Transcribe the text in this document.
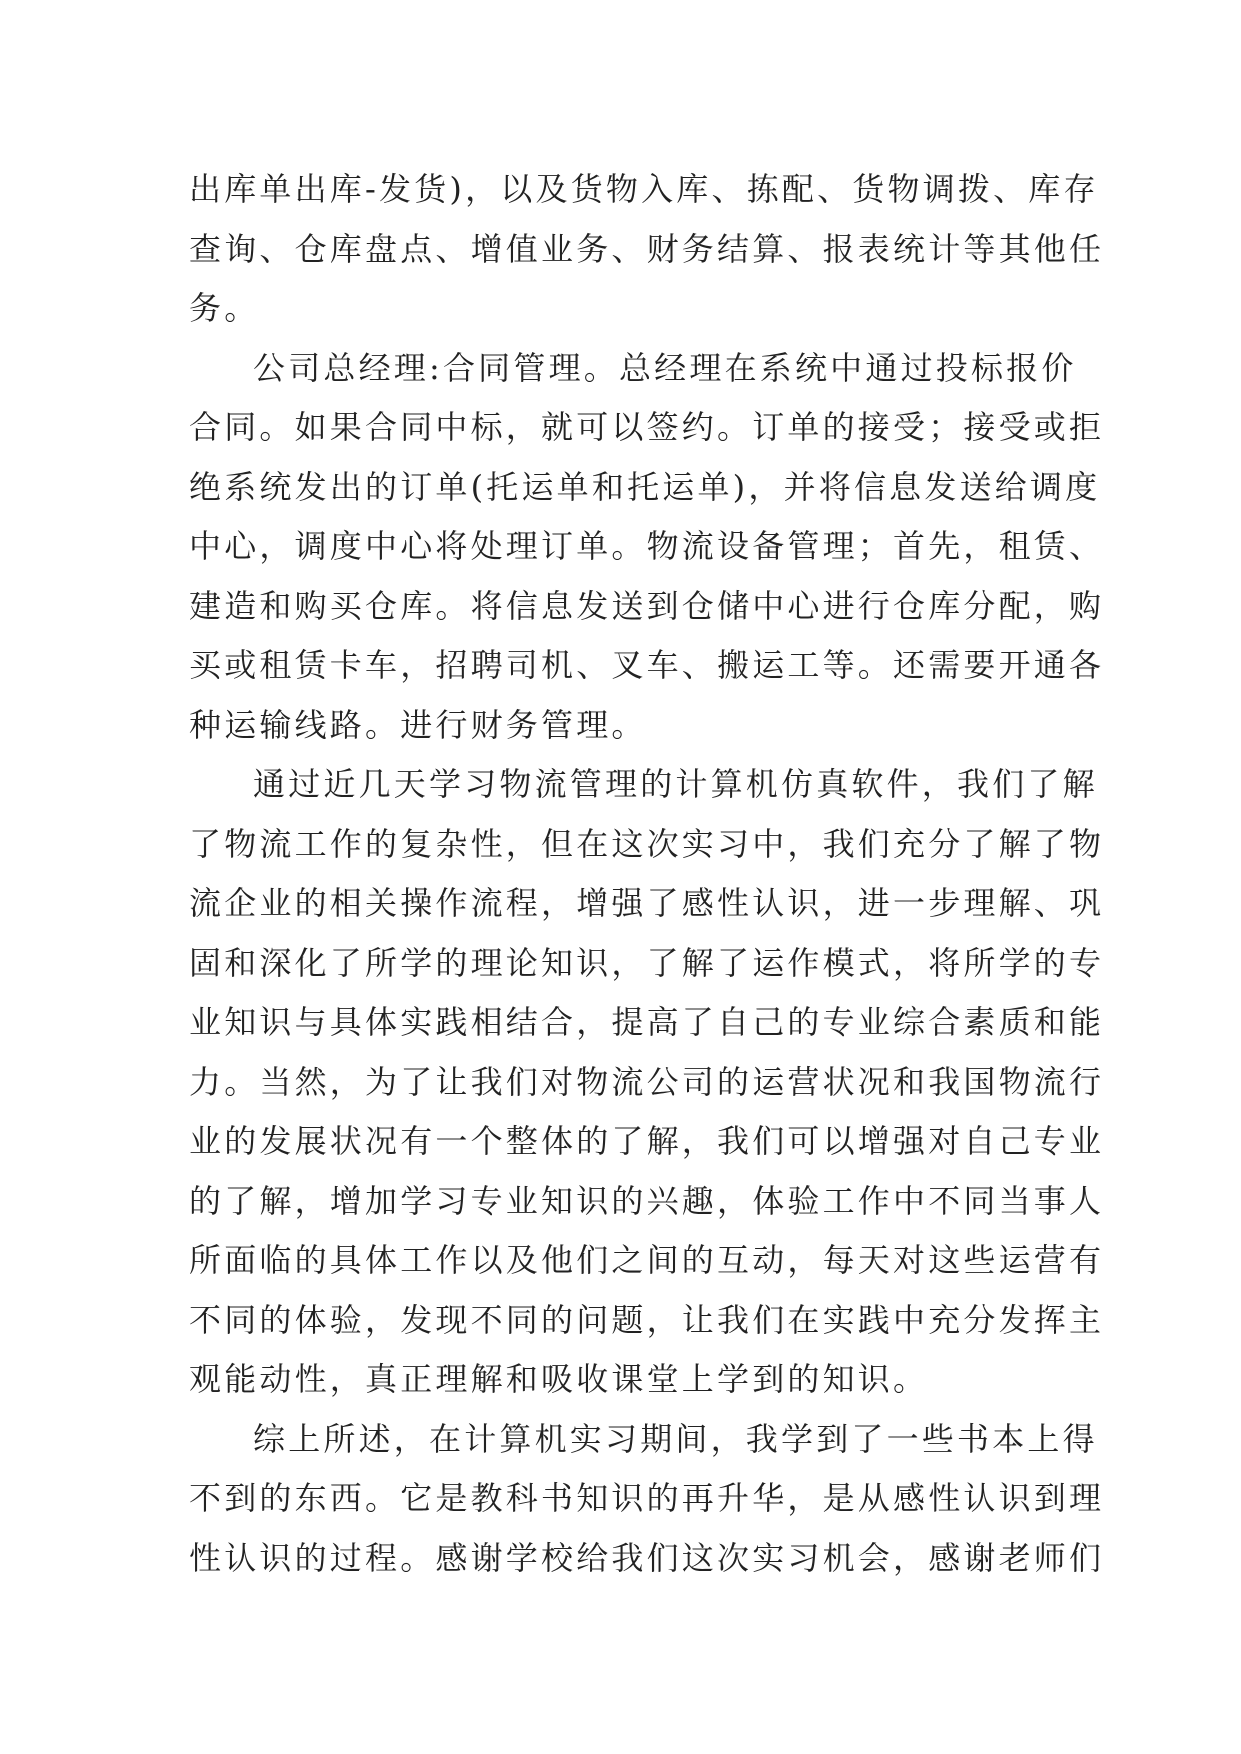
出库单出库-发货)，以及货物入库、拣配、货物调拨、库存
查询、仓库盘点、增值业务、财务结算、报表统计等其他任
务。
公司总经理:合同管理。总经理在系统中通过投标报价
合同。如果合同中标，就可以签约。订单的接受；接受或拒
绝系统发出的订单(托运单和托运单)，并将信息发送给调度
中心，调度中心将处理订单。物流设备管理；首先，租赁、
建造和购买仓库。将信息发送到仓储中心进行仓库分配，购
买或租赁卡车，招聘司机、叉车、搬运工等。还需要开通各
种运输线路。进行财务管理。
通过近几天学习物流管理的计算机仿真软件，我们了解
了物流工作的复杂性，但在这次实习中，我们充分了解了物
流企业的相关操作流程，增强了感性认识，进一步理解、巩
固和深化了所学的理论知识，了解了运作模式，将所学的专
业知识与具体实践相结合，提高了自己的专业综合素质和能
力。当然，为了让我们对物流公司的运营状况和我国物流行
业的发展状况有一个整体的了解，我们可以增强对自己专业
的了解，增加学习专业知识的兴趣，体验工作中不同当事人
所面临的具体工作以及他们之间的互动，每天对这些运营有
不同的体验，发现不同的问题，让我们在实践中充分发挥主
观能动性，真正理解和吸收课堂上学到的知识。
综上所述，在计算机实习期间，我学到了一些书本上得
不到的东西。它是教科书知识的再升华，是从感性认识到理
性认识的过程。感谢学校给我们这次实习机会，感谢老师们
